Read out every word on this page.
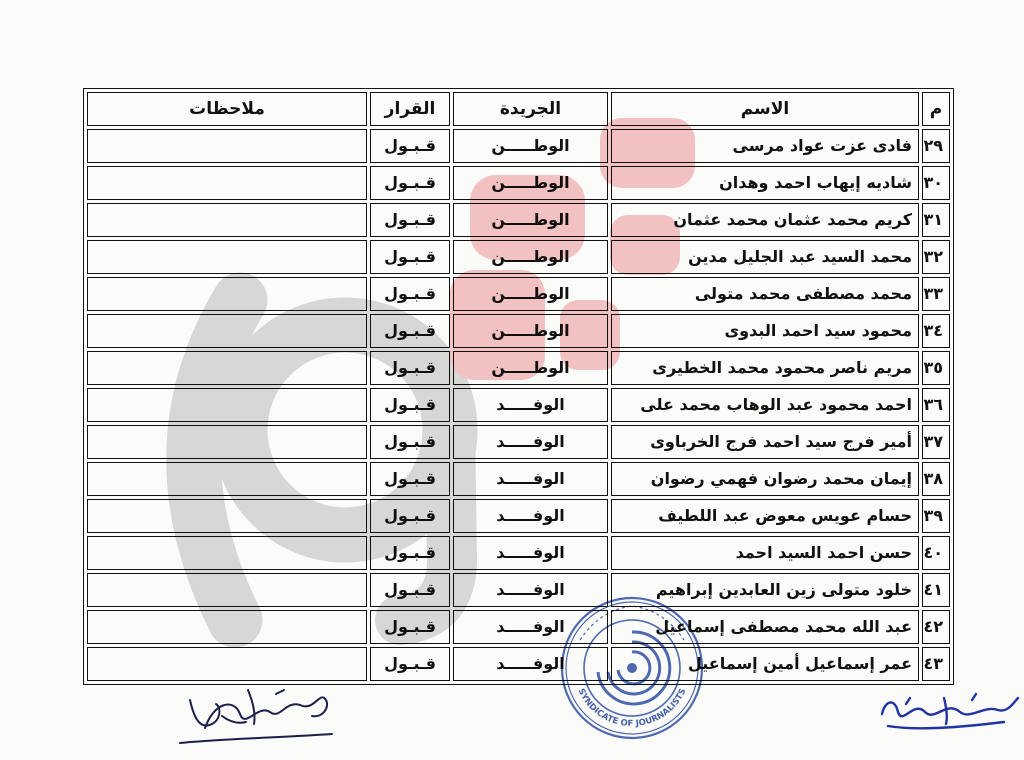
م	الاسم	الجريدة	القرار	ملاحظات
٢٩	فادى عزت عواد مرسى	الوطـــــن	قـبـول	
٣٠	شاديه إيهاب احمد وهدان	الوطـــــن	قـبـول	
٣١	كريم محمد عثمان محمد عثمان	الوطـــــن	قـبـول	
٣٢	محمد السيد عبد الجليل مدين	الوطـــــن	قـبـول	
٣٣	محمد مصطفى محمد متولى	الوطـــــن	قـبـول	
٣٤	محمود سيد احمد البدوى	الوطـــــن	قـبـول	
٣٥	مريم ناصر محمود محمد الخطيرى	الوطـــــن	قـبـول	
٣٦	احمد محمود عبد الوهاب محمد على	الوفـــــد	قـبـول	
٣٧	أمير فرج سيد احمد فرج الخرباوى	الوفـــــد	قـبـول	
٣٨	إيمان محمد رضوان فهمي رضوان	الوفـــــد	قـبـول	
٣٩	حسام عويس معوض عبد اللطيف	الوفـــــد	قـبـول	
٤٠	حسن احمد السيد احمد	الوفـــــد	قـبـول	
٤١	خلود متولى زين العابدين إبراهيم	الوفـــــد	قـبـول	
٤٢	عبد الله محمد مصطفى إسماعيل	الوفـــــد	قـبـول	
٤٣	عمر إسماعيل أمين إسماعيل	الوفـــــد	قـبـول	
SYNDICATE OF JOURNALISTS
